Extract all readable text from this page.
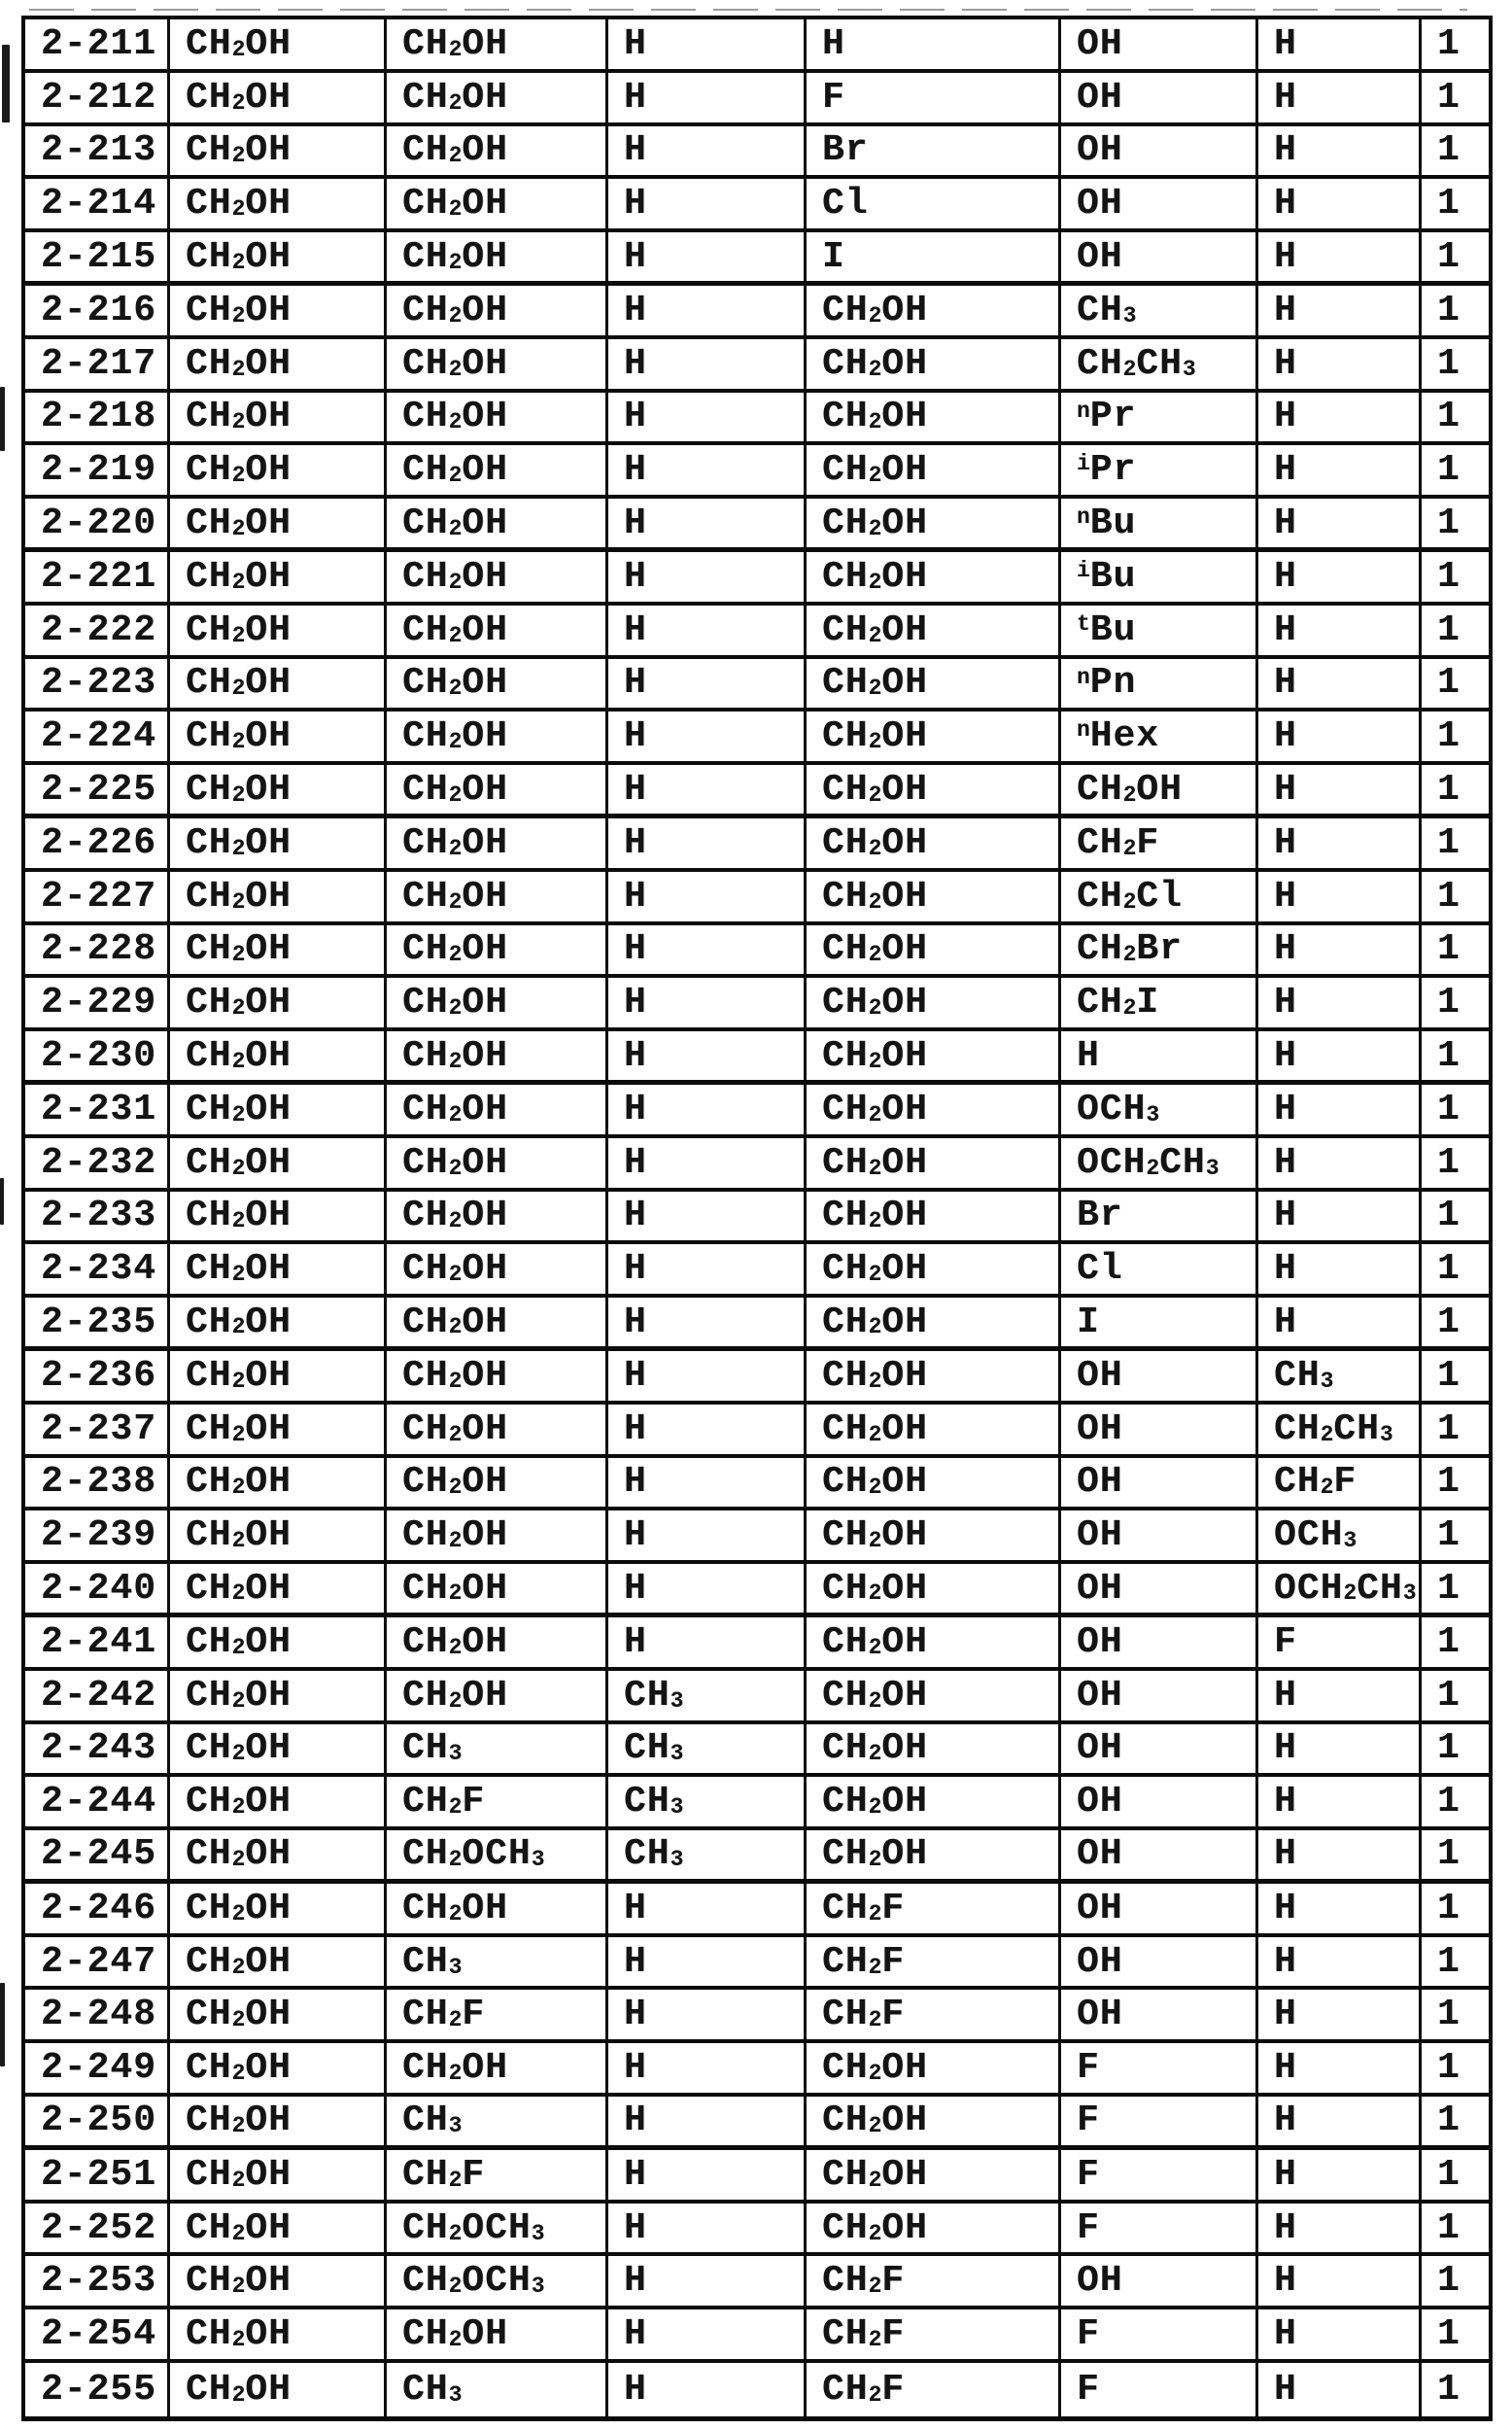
2-211 $CH_2$ OH	$CH_2$ OH	H	H	OH	H	1
2-212 $CH_2$ OH	$CH_2$ OH	H	F	OH	H	1
2-213 $CH_2$ OH	$CH_2$ OH	H	Br	OH	H	1
2-214 $CH_2$ OH	$CH_2$ OH	H	Cl	OH	H	1
2-215 $CH_2$ OH	$CH_2$ OH	H	I	OH	H	1
2-216 $CH_2$ OH	$CH_2$ OH	H	$CH_2$ OH	$CH_3$	H	1
2-217 $CH_2$ OH	$CH_2$ OH	H	$CH_2$ OH	$CH_2$ $CH_3$	H	1
2-218 $CH_2$ OH	$CH_2$ OH	H	$CH_2$ OH	$^n$ Pr	H	1
2-219 $CH_2$ OH	$CH_2$ OH	H	$CH_2$ OH	$^i$ Pr	H	1
2-220 $CH_2$ OH	$CH_2$ OH	H	$CH_2$ OH	$^n$ Bu	H	1
2-221 $CH_2$ OH	$CH_2$ OH	H	$CH_2$ OH	$^i$ Bu	H	1
2-222 $CH_2$ OH	$CH_2$ OH	H	$CH_2$ OH	$^t$ Bu	H	1
2-223 $CH_2$ OH	$CH_2$ OH	H	$CH_2$ OH	$^n$ Pn	H	1
2-224 $CH_2$ OH	$CH_2$ OH	H	$CH_2$ OH	$^n$ Hex	H	1
2-225 $CH_2$ OH	$CH_2$ OH	H	$CH_2$ OH	$CH_2$ OH	H	1
2-226 $CH_2$ OH	$CH_2$ OH	H	$CH_2$ OH	$CH_2$ F	H	1
2-227 $CH_2$ OH	$CH_2$ OH	H	$CH_2$ OH	$CH_2$ Cl	H	1
2-228 $CH_2$ OH	$CH_2$ OH	H	$CH_2$ OH	$CH_2$ Br	H	1
2-229 $CH_2$ OH	$CH_2$ OH	H	$CH_2$ OH	$CH_2$ I	H	1
2-230 $CH_2$ OH	$CH_2$ OH	H	$CH_2$ OH	H	H	1
2-231 $CH_2$ OH	$CH_2$ OH	H	$CH_2$ OH	$OCH_3$	H	1
2-232 $CH_2$ OH	$CH_2$ OH	H	$CH_2$ OH	$OCH_2$ $CH_3$	H	1
2-233 $CH_2$ OH	$CH_2$ OH	H	$CH_2$ OH	Br	H	1
2-234 $CH_2$ OH	$CH_2$ OH	H	$CH_2$ OH	Cl	H	1
2-235 $CH_2$ OH	$CH_2$ OH	H	$CH_2$ OH	I	H	1
2-236 $CH_2$ OH	$CH_2$ OH	H	$CH_2$ OH	OH	$CH_3$	1
2-237 $CH_2$ OH	$CH_2$ OH	H	$CH_2$ OH	OH	$CH_2$ $CH_3$	1
2-238 $CH_2$ OH	$CH_2$ OH	H	$CH_2$ OH	OH	$CH_2$ F	1
2-239 $CH_2$ OH	$CH_2$ OH	H	$CH_2$ OH	OH	$OCH_3$	1
2-240 $CH_2$ OH	$CH_2$ OH	H	$CH_2$ OH	OH	$OCH_2$ $CH_3$ 1
2-241 $CH_2$ OH	$CH_2$ OH	H	$CH_2$ OH	OH	F	1
2-242 $CH_2$ OH	$CH_2$ OH	$CH_3$	$CH_2$ OH	OH	H	1
2-243 $CH_2$ OH	$CH_3$	$CH_3$	$CH_2$ OH	OH	H	1
2-244 $CH_2$ OH	$CH_2$ F	$CH_3$	$CH_2$ OH	OH	H	1
2-245 $CH_2$ OH	$CH_2$ $OCH_3$	$CH_3$	$CH_2$ OH	OH	H	1
2-246 $CH_2$ OH	$CH_2$ OH	H	$CH_2$ F	OH	H	1
2-247 $CH_2$ OH	$CH_3$	H	$CH_2$ F	OH	H	1
2-248 $CH_2$ OH	$CH_2$ F	H	$CH_2$ F	OH	H	1
2-249 $CH_2$ OH	$CH_2$ OH	H	$CH_2$ OH	F	H	1
2-250 $CH_2$ OH	$CH_3$	H	$CH_2$ OH	F	H	1
2-251 $CH_2$ OH	$CH_2$ F	H	$CH_2$ OH	F	H	1
2-252 $CH_2$ OH	$CH_2$ $OCH_3$	H	$CH_2$ OH	F	H	1
2-253 $CH_2$ OH	$CH_2$ $OCH_3$	H	$CH_2$ F	OH	H	1
2-254 $CH_2$ OH	$CH_2$ OH	H	$CH_2$ F	F	H	1
2-255 $CH_2$ OH	$CH_3$	H	$CH_2$ F	F	H	1
